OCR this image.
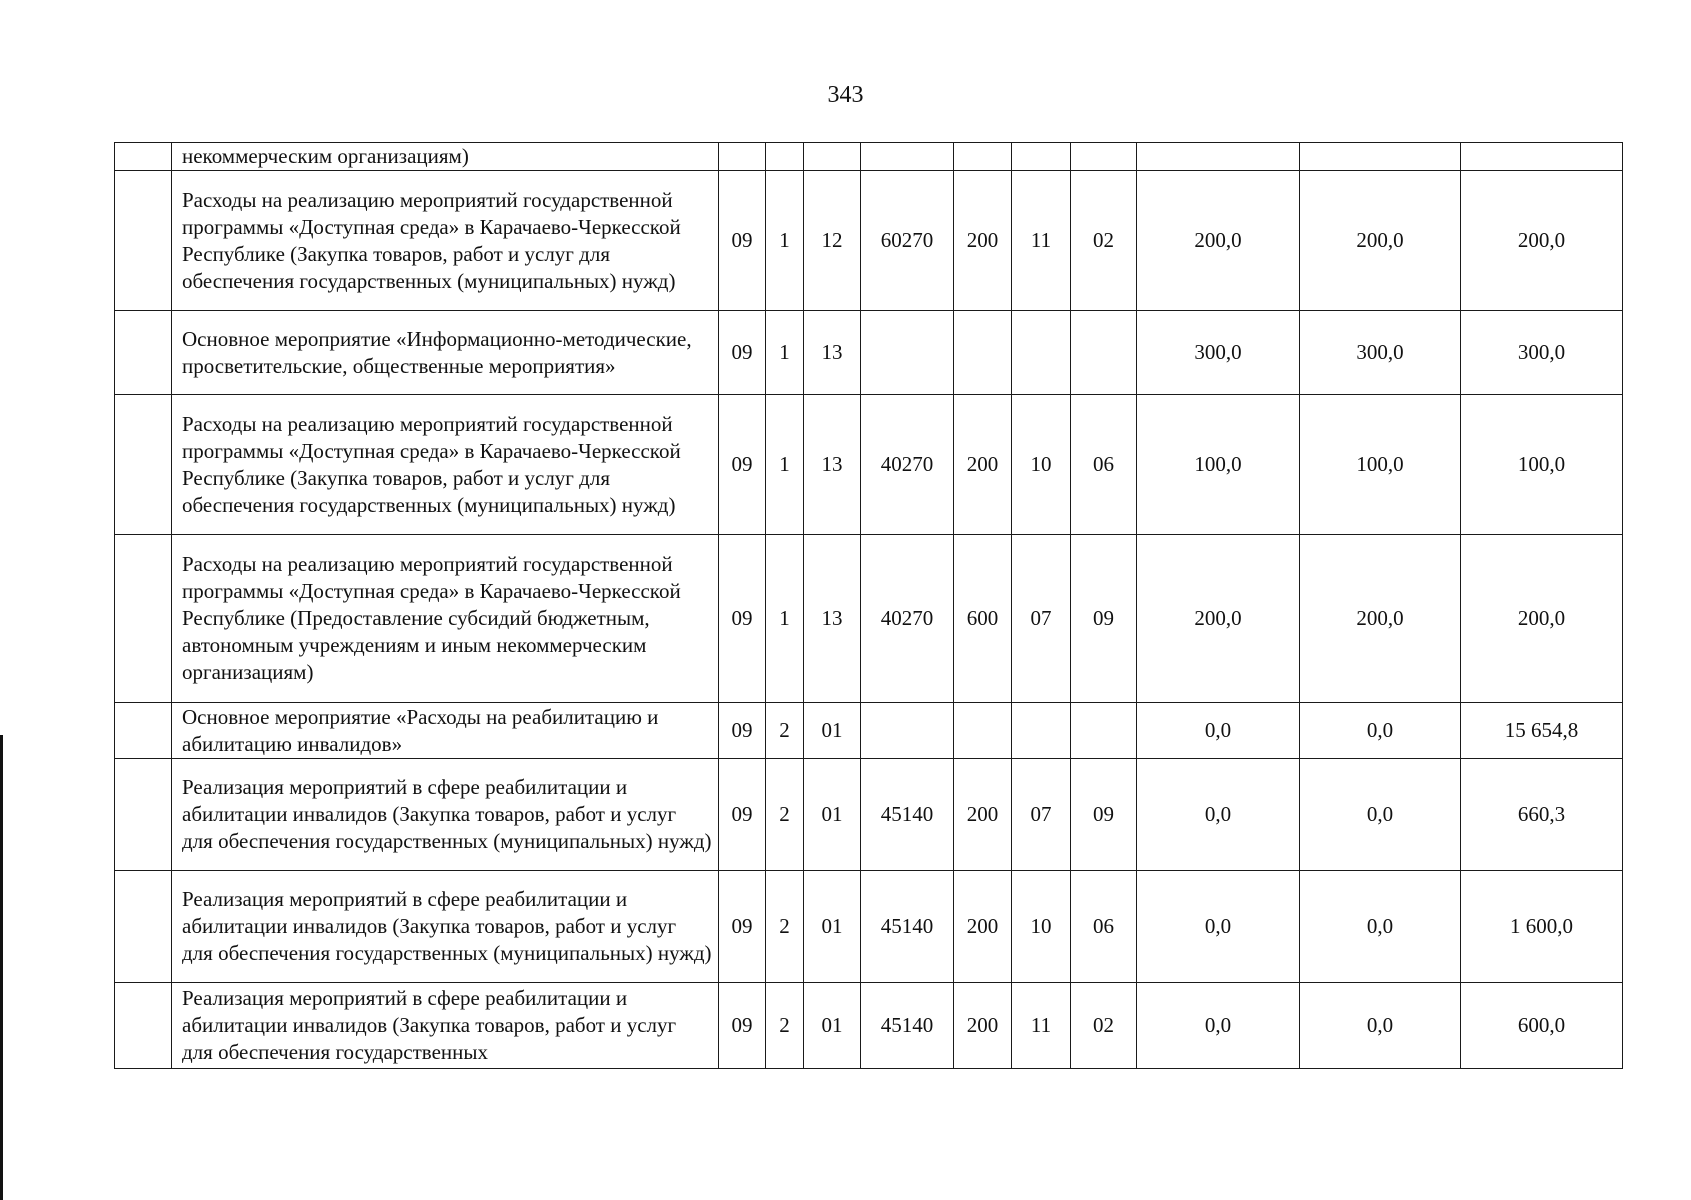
343
	некоммерческим организациям)										
	Расходы на реализацию мероприятий государственной программы «Доступная среда» в Карачаево-Черкесской Республике (Закупка товаров, работ и услуг для обеспечения государственных (муниципальных) нужд)	09	1	12	60270	200	11	02	200,0	200,0	200,0
	Основное мероприятие «Информационно-методические, просветительские, общественные мероприятия»	09	1	13					300,0	300,0	300,0
	Расходы на реализацию мероприятий государственной программы «Доступная среда» в Карачаево-Черкесской Республике (Закупка товаров, работ и услуг для обеспечения государственных (муниципальных) нужд)	09	1	13	40270	200	10	06	100,0	100,0	100,0
	Расходы на реализацию мероприятий государственной программы «Доступная среда» в Карачаево-Черкесской Республике (Предоставление субсидий бюджетным, автономным учреждениям и иным некоммерческим организациям)	09	1	13	40270	600	07	09	200,0	200,0	200,0
	Основное мероприятие «Расходы на реабилитацию и абилитацию инвалидов»	09	2	01					0,0	0,0	15 654,8
	Реализация мероприятий в сфере реабилитации и абилитации инвалидов (Закупка товаров, работ и услуг для обеспечения государственных (муниципальных) нужд)	09	2	01	45140	200	07	09	0,0	0,0	660,3
	Реализация мероприятий в сфере реабилитации и абилитации инвалидов (Закупка товаров, работ и услуг для обеспечения государственных (муниципальных) нужд)	09	2	01	45140	200	10	06	0,0	0,0	1 600,0
	Реализация мероприятий в сфере реабилитации и абилитации инвалидов (Закупка товаров, работ и услуг для обеспечения государственных	09	2	01	45140	200	11	02	0,0	0,0	600,0
